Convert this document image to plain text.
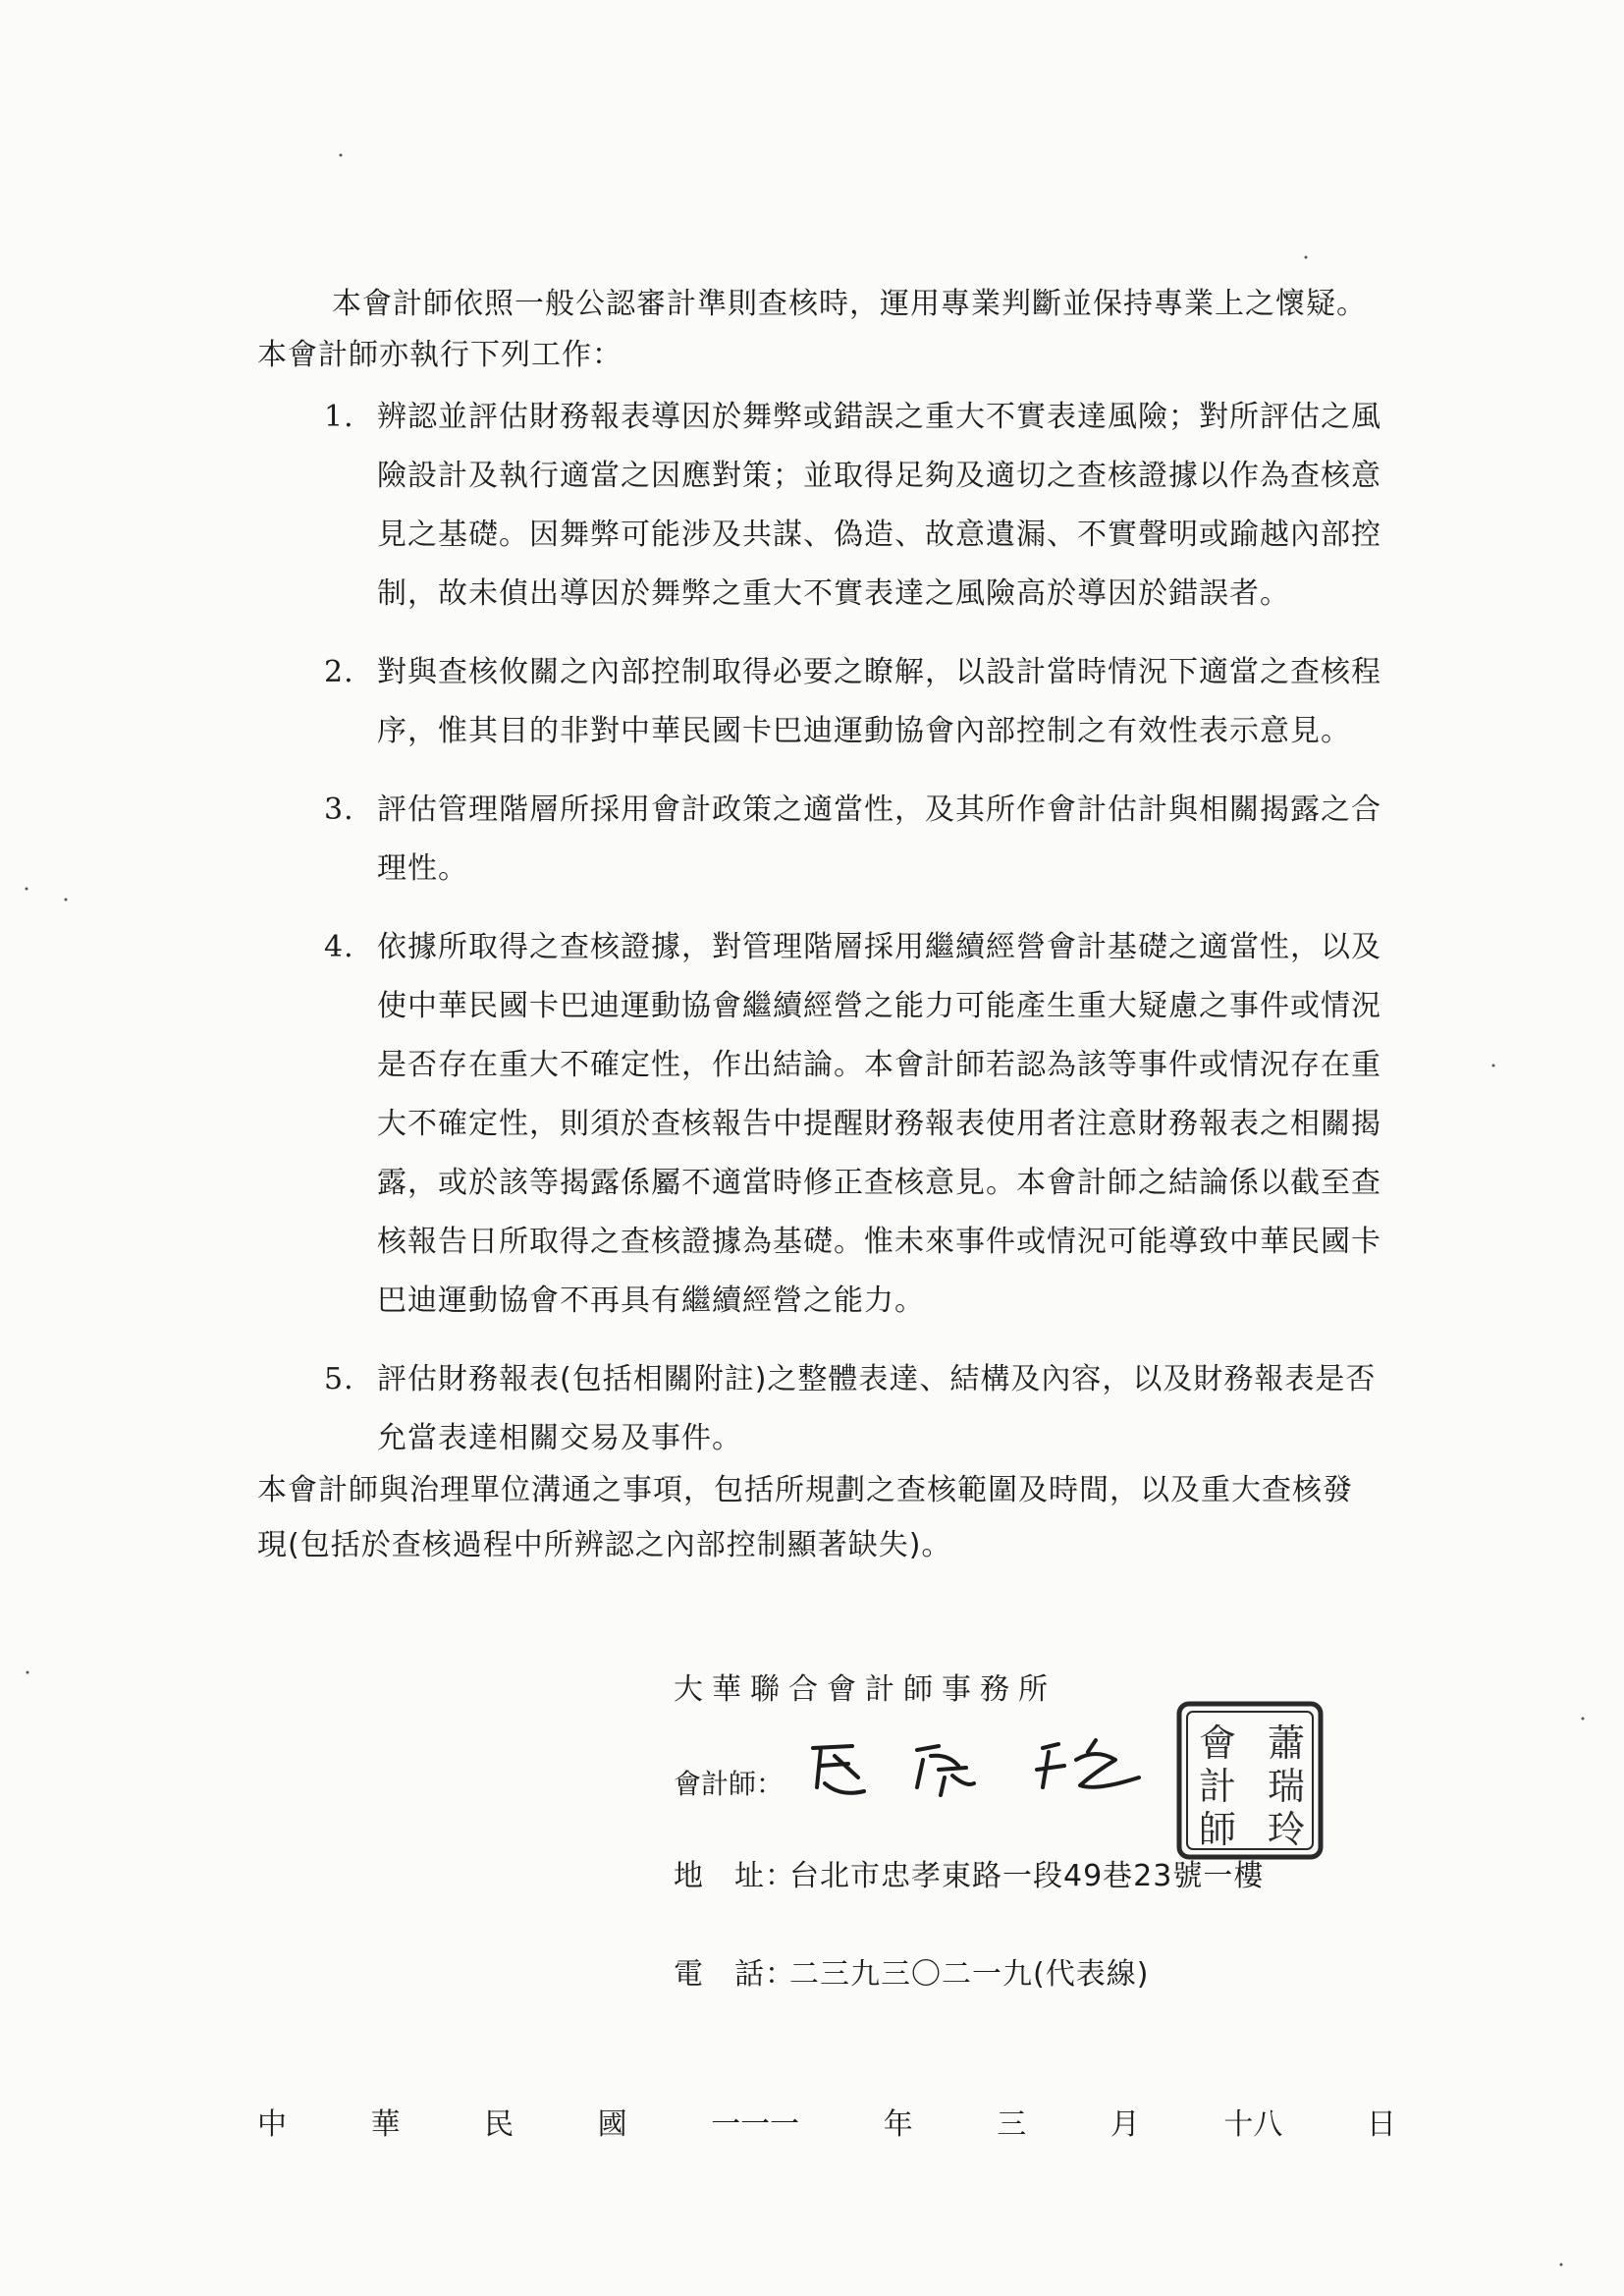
本會計師依照一般公認審計準則查核時，運用專業判斷並保持專業上之懷疑。
本會計師亦執行下列工作：
1. 辨認並評估財務報表導因於舞弊或錯誤之重大不實表達風險；對所評估之風險設計及執行適當之因應對策；並取得足夠及適切之查核證據以作為查核意見之基礎。因舞弊可能涉及共謀、偽造、故意遺漏、不實聲明或踰越內部控制，故未偵出導因於舞弊之重大不實表達之風險高於導因於錯誤者。
2. 對與查核攸關之內部控制取得必要之瞭解，以設計當時情況下適當之查核程序，惟其目的非對中華民國卡巴迪運動協會內部控制之有效性表示意見。
3. 評估管理階層所採用會計政策之適當性，及其所作會計估計與相關揭露之合理性。
4. 依據所取得之查核證據，對管理階層採用繼續經營會計基礎之適當性，以及使中華民國卡巴迪運動協會繼續經營之能力可能產生重大疑慮之事件或情況是否存在重大不確定性，作出結論。本會計師若認為該等事件或情況存在重大不確定性，則須於查核報告中提醒財務報表使用者注意財務報表之相關揭露，或於該等揭露係屬不適當時修正查核意見。本會計師之結論係以截至查核報告日所取得之查核證據為基礎。惟未來事件或情況可能導致中華民國卡巴迪運動協會不再具有繼續經營之能力。
5. 評估財務報表(包括相關附註)之整體表達、結構及內容，以及財務報表是否允當表達相關交易及事件。
本會計師與治理單位溝通之事項，包括所規劃之查核範圍及時間，以及重大查核發現(包括於查核過程中所辨認之內部控制顯著缺失)。
大華聯合會計師事務所
會計師：
蕭
瑞
玲
會
計
師
地　址：台北市忠孝東路一段49巷23號一樓
電　話：二三九三〇二一九(代表線)
中	華	民	國	一一一	年	三	月	十八	日
